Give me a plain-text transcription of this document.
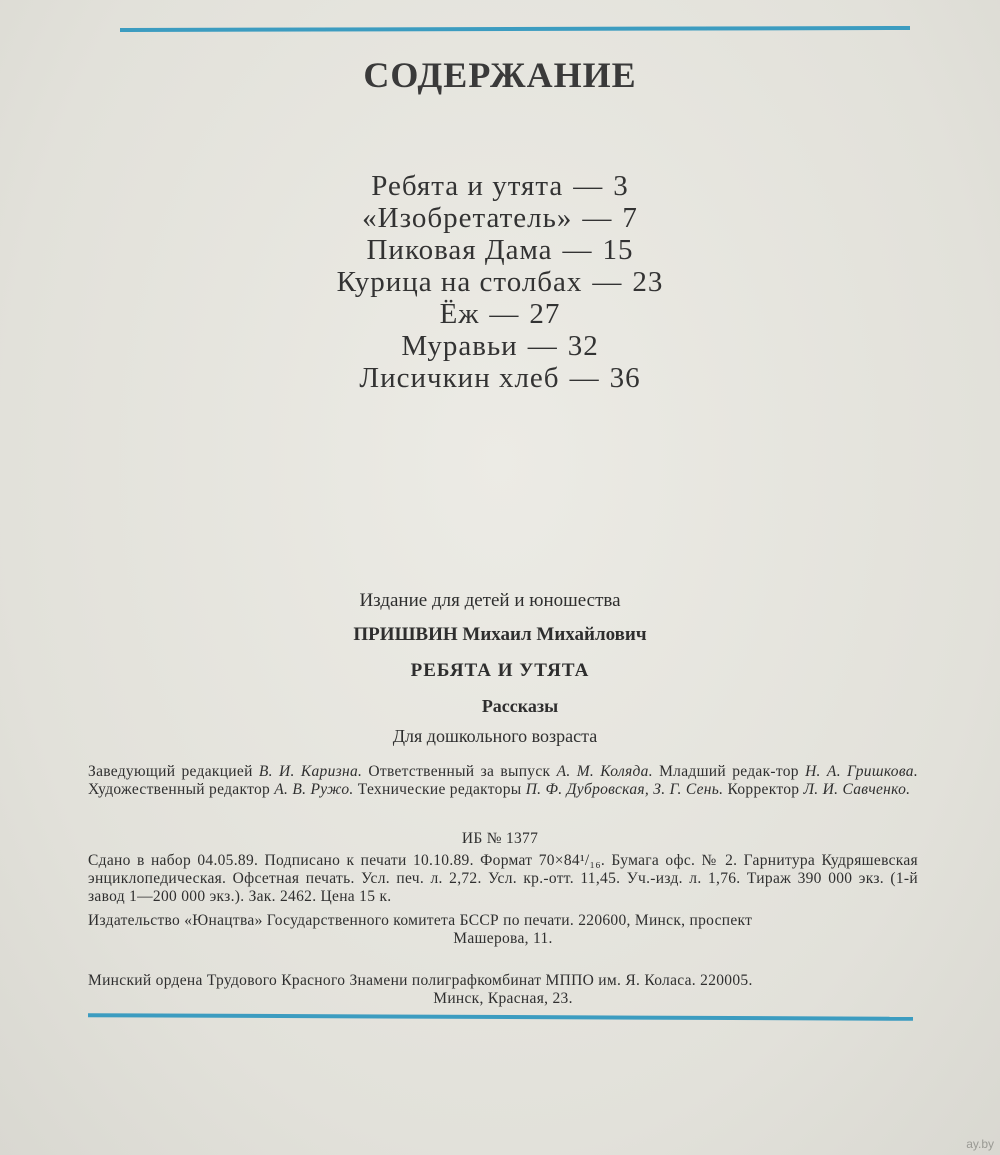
СОДЕРЖАНИЕ
Ребята и утята — 3
«Изобретатель» — 7
Пиковая Дама — 15
Курица на столбах — 23
Ёж — 27
Муравьи — 32
Лисичкин хлеб — 36
Издание для детей и юношества
ПРИШВИН Михаил Михайлович
РЕБЯТА И УТЯТА
Рассказы
Для дошкольного возраста
Заведующий редакцией В. И. Каризна. Ответственный за выпуск А. М. Коляда. Младший редак-тор Н. А. Гришкова. Художественный редактор А. В. Ружо. Технические редакторы П. Ф. Дубровская, З. Г. Сень. Корректор Л. И. Савченко.
ИБ № 1377
Сдано в набор 04.05.89. Подписано к печати 10.10.89. Формат 70×84¹/₁₆. Бумага офс. № 2. Гарнитура Кудряшевская энциклопедическая. Офсетная печать. Усл. печ. л. 2,72. Усл. кр.-отт. 11,45. Уч.-изд. л. 1,76. Тираж 390 000 экз. (1-й завод 1—200 000 экз.). Зак. 2462. Цена 15 к.
Издательство «Юнацтва» Государственного комитета БССР по печати. 220600, Минск, проспект
Машерова, 11.
Минский ордена Трудового Красного Знамени полиграфкомбинат МППО им. Я. Коласа. 220005.
Минск, Красная, 23.
ay.by
